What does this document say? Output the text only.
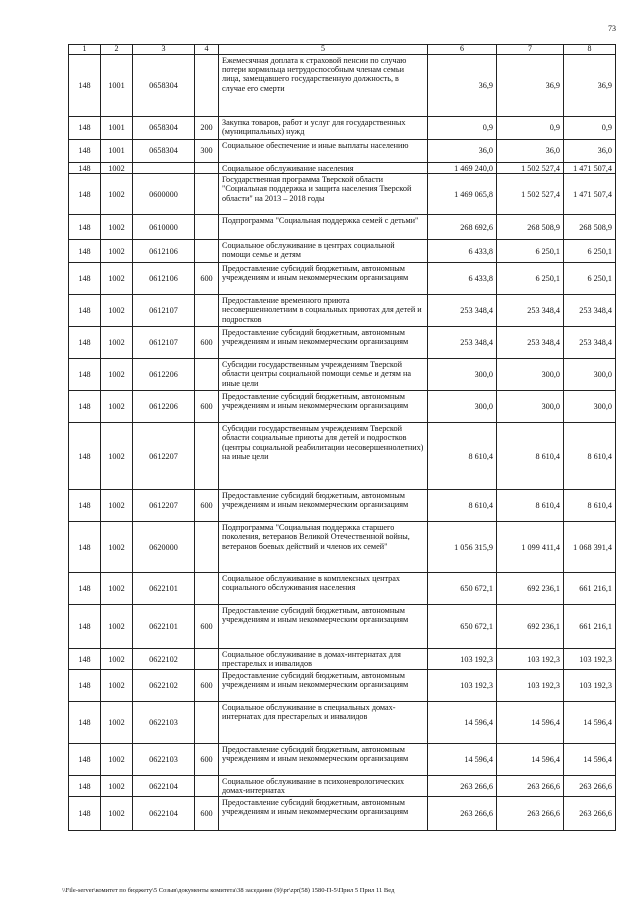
73
1	2	3	4	5	6	7	8
148	1001	0658304		Ежемесячная доплата к страховой пенсии по случаю потери кормильца нетрудоспособным членам семьи лица, замещавшего государственную должность, в случае его смерти	36,9	36,9	36,9
148	1001	0658304	200	Закупка товаров, работ и услуг для государственных (муниципальных) нужд	0,9	0,9	0,9
148	1001	0658304	300	Социальное обеспечение и иные выплаты населению	36,0	36,0	36,0
148	1002			Социальное обслуживание населения	1 469 240,0	1 502 527,4	1 471 507,4
148	1002	0600000		Государственная программа Тверской области "Социальная поддержка и защита населения Тверской области" на 2013 – 2018 годы	1 469 065,8	1 502 527,4	1 471 507,4
148	1002	0610000		Подпрограмма "Социальная поддержка семей с детьми"	268 692,6	268 508,9	268 508,9
148	1002	0612106		Социальное обслуживание в центрах социальной помощи семье и детям	6 433,8	6 250,1	6 250,1
148	1002	0612106	600	Предоставление субсидий бюджетным, автономным учреждениям и иным некоммерческим организациям	6 433,8	6 250,1	6 250,1
148	1002	0612107		Предоставление временного приюта несовершеннолетним в социальных приютах для детей и подростков	253 348,4	253 348,4	253 348,4
148	1002	0612107	600	Предоставление субсидий бюджетным, автономным учреждениям и иным некоммерческим организациям	253 348,4	253 348,4	253 348,4
148	1002	0612206		Субсидии государственным учреждениям Тверской области центры социальной помощи семье и детям на иные цели	300,0	300,0	300,0
148	1002	0612206	600	Предоставление субсидий бюджетным, автономным учреждениям и иным некоммерческим организациям	300,0	300,0	300,0
148	1002	0612207		Субсидии государственным учреждениям Тверской области социальные приюты для детей и подростков (центры социальной реабилитации несовершеннолетних) на иные цели	8 610,4	8 610,4	8 610,4
148	1002	0612207	600	Предоставление субсидий бюджетным, автономным учреждениям и иным некоммерческим организациям	8 610,4	8 610,4	8 610,4
148	1002	0620000		Подпрограмма "Социальная поддержка старшего поколения, ветеранов Великой Отечественной войны, ветеранов боевых действий и членов их семей"	1 056 315,9	1 099 411,4	1 068 391,4
148	1002	0622101		Социальное обслуживание в комплексных центрах социального обслуживания населения	650 672,1	692 236,1	661 216,1
148	1002	0622101	600	Предоставление субсидий бюджетным, автономным учреждениям и иным некоммерческим организациям	650 672,1	692 236,1	661 216,1
148	1002	0622102		Социальное обслуживание в домах-интернатах для престарелых и инвалидов	103 192,3	103 192,3	103 192,3
148	1002	0622102	600	Предоставление субсидий бюджетным, автономным учреждениям и иным некоммерческим организациям	103 192,3	103 192,3	103 192,3
148	1002	0622103		Социальное обслуживание в специальных домах-интернатах для престарелых и инвалидов	14 596,4	14 596,4	14 596,4
148	1002	0622103	600	Предоставление субсидий бюджетным, автономным учреждениям и иным некоммерческим организациям	14 596,4	14 596,4	14 596,4
148	1002	0622104		Социальное обслуживание в психоневрологических домах-интернатах	263 266,6	263 266,6	263 266,6
148	1002	0622104	600	Предоставление субсидий бюджетным, автономным учреждениям и иным некоммерческим организациям	263 266,6	263 266,6	263 266,6
\\File-server\комитет по бюджету\5 Созыв\документы комитета\38 заседание (9)\pr\zpr(58) 1580-П-5\Прил 5 Прил 11 Вед
